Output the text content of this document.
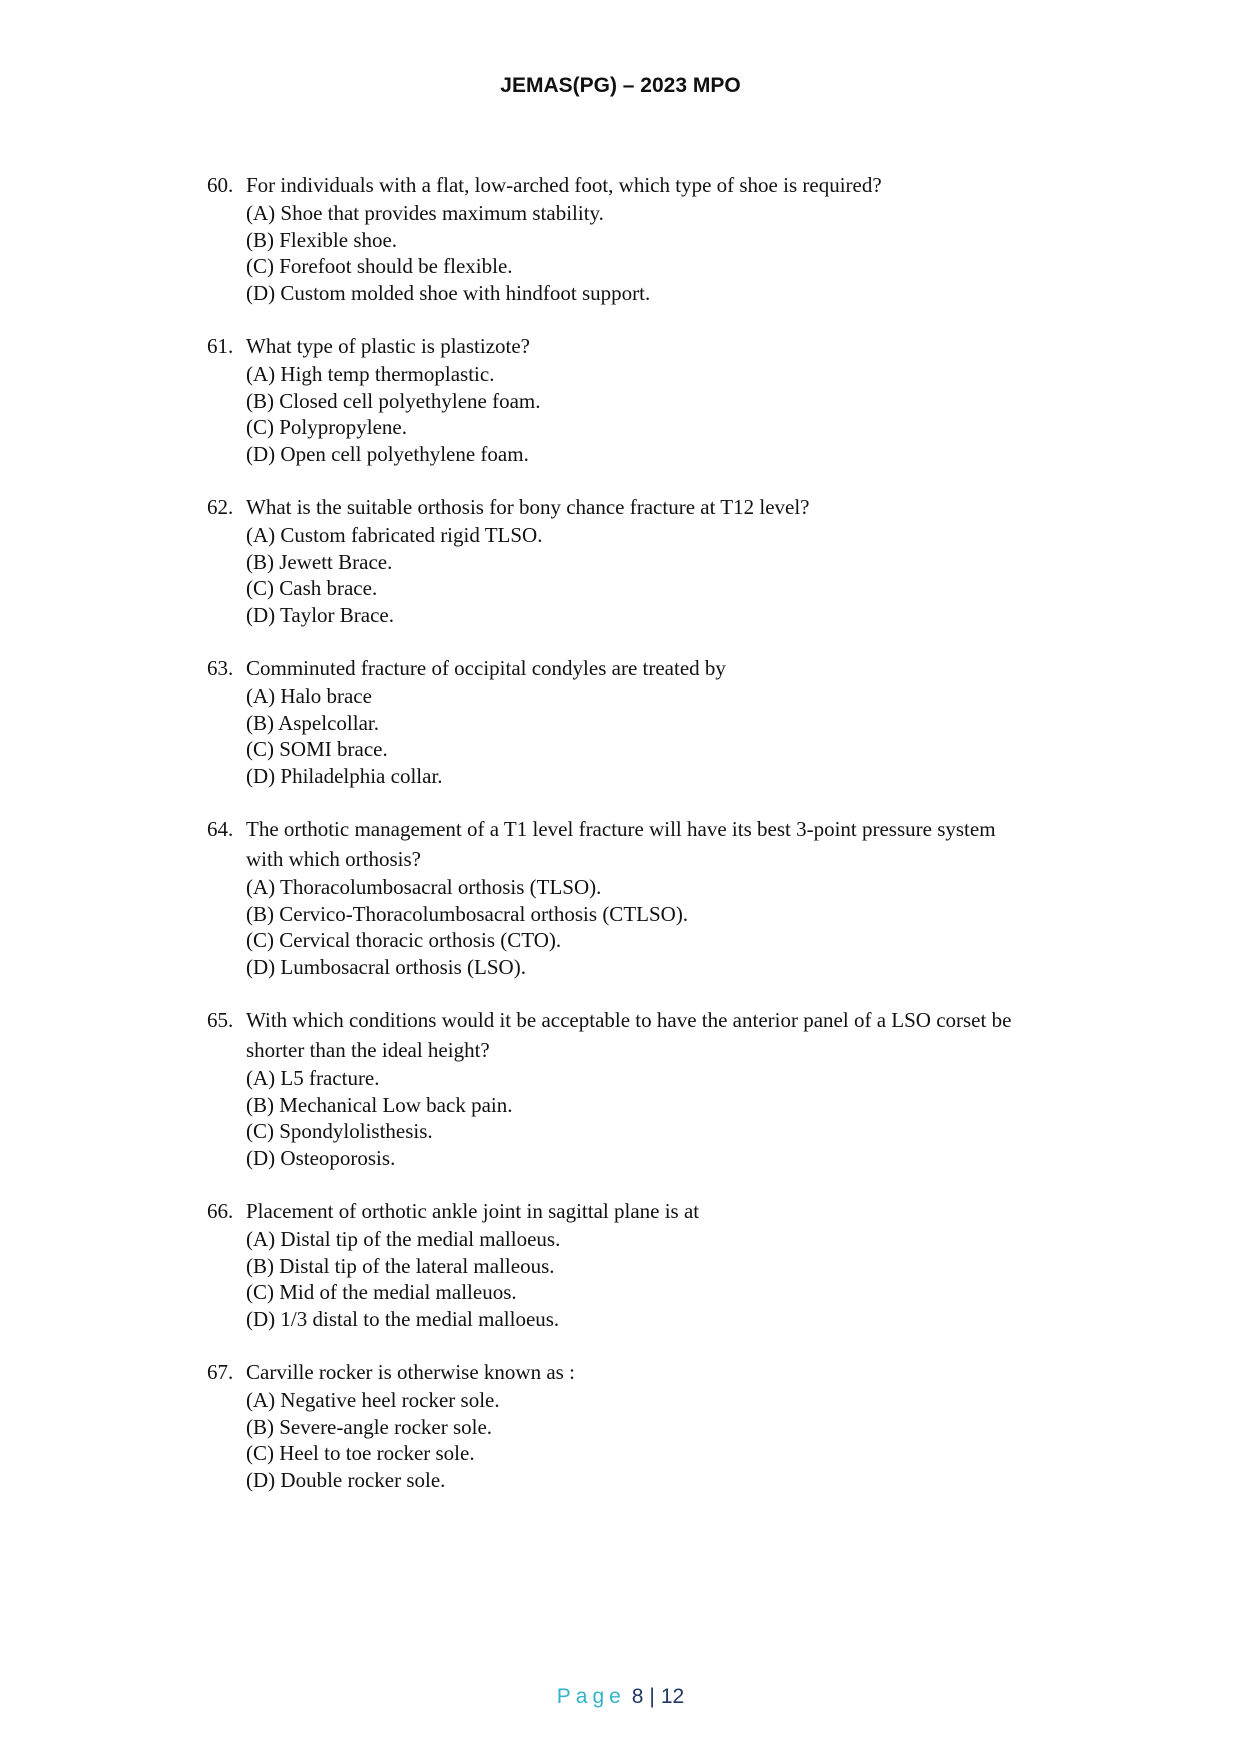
JEMAS(PG) – 2023 MPO
60. For individuals with a flat, low-arched foot, which type of shoe is required?
(A) Shoe that provides maximum stability.
(B) Flexible shoe.
(C) Forefoot should be flexible.
(D) Custom molded shoe with hindfoot support.
61. What type of plastic is plastizote?
(A) High temp thermoplastic.
(B) Closed cell polyethylene foam.
(C) Polypropylene.
(D) Open cell polyethylene foam.
62. What is the suitable orthosis for bony chance fracture at T12 level?
(A) Custom fabricated rigid TLSO.
(B) Jewett Brace.
(C) Cash brace.
(D) Taylor Brace.
63. Comminuted fracture of occipital condyles are treated by
(A) Halo brace
(B) Aspelcollar.
(C) SOMI brace.
(D) Philadelphia collar.
64. The orthotic management of a T1 level fracture will have its best 3-point pressure system with which orthosis?
(A) Thoracolumbosacral orthosis (TLSO).
(B) Cervico-Thoracolumbosacral orthosis (CTLSO).
(C) Cervical thoracic orthosis (CTO).
(D) Lumbosacral orthosis (LSO).
65. With which conditions would it be acceptable to have the anterior panel of a LSO corset be shorter than the ideal height?
(A) L5 fracture.
(B) Mechanical Low back pain.
(C) Spondylolisthesis.
(D) Osteoporosis.
66. Placement of orthotic ankle joint in sagittal plane is at
(A) Distal tip of the medial malloeus.
(B) Distal tip of the lateral malleous.
(C) Mid of the medial malleuos.
(D) 1/3 distal to the medial malloeus.
67. Carville rocker is otherwise known as :
(A) Negative heel rocker sole.
(B) Severe-angle rocker sole.
(C) Heel to toe rocker sole.
(D) Double rocker sole.
Page 8 | 12
